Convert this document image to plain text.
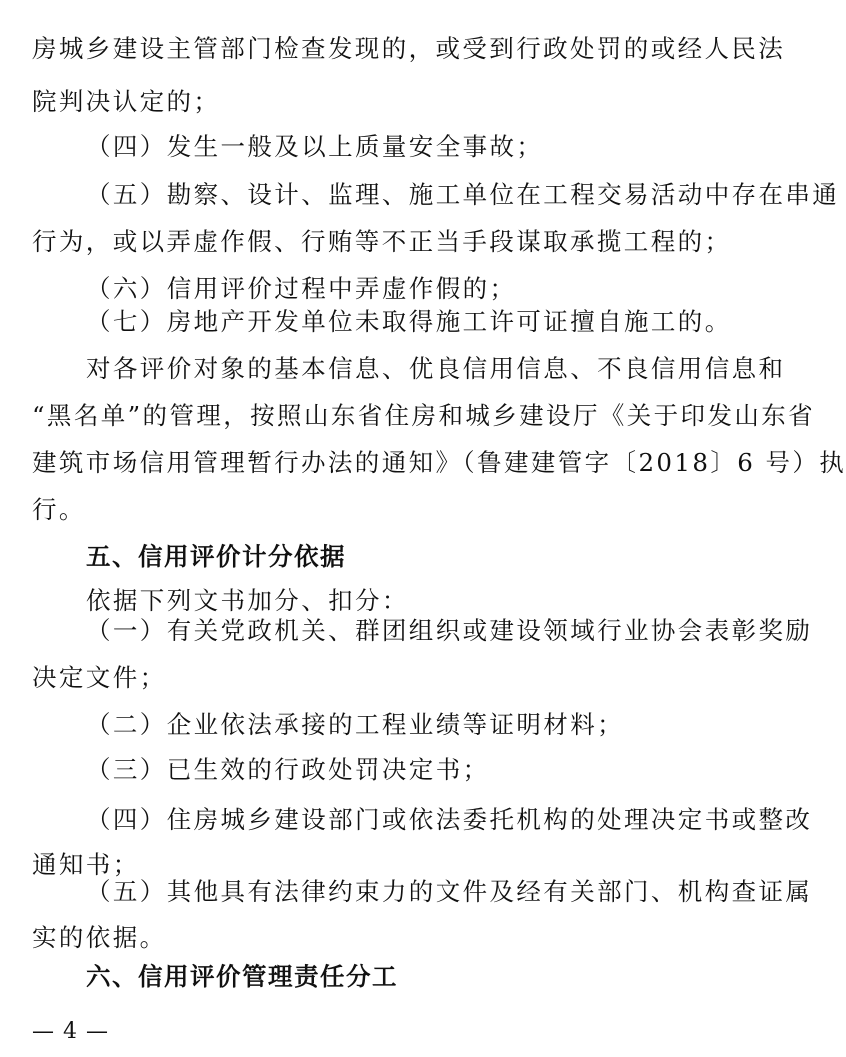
房城乡建设主管部门检查发现的，或受到行政处罚的或经人民法
院判决认定的；
（四）发生一般及以上质量安全事故；
（五）勘察、设计、监理、施工单位在工程交易活动中存在串通
行为，或以弄虚作假、行贿等不正当手段谋取承揽工程的；
（六）信用评价过程中弄虚作假的；
（七）房地产开发单位未取得施工许可证擅自施工的。
对各评价对象的基本信息、优良信用信息、不良信用信息和
“黑名单”的管理，按照山东省住房和城乡建设厅《关于印发山东省
建筑市场信用管理暂行办法的通知》（鲁建建管字〔2018〕6 号）执
行。
五、信用评价计分依据
依据下列文书加分、扣分：
（一）有关党政机关、群团组织或建设领域行业协会表彰奖励
决定文件；
（二）企业依法承接的工程业绩等证明材料；
（三）已生效的行政处罚决定书；
（四）住房城乡建设部门或依法委托机构的处理决定书或整改
通知书；
（五）其他具有法律约束力的文件及经有关部门、机构查证属
实的依据。
六、信用评价管理责任分工
— 4 —
